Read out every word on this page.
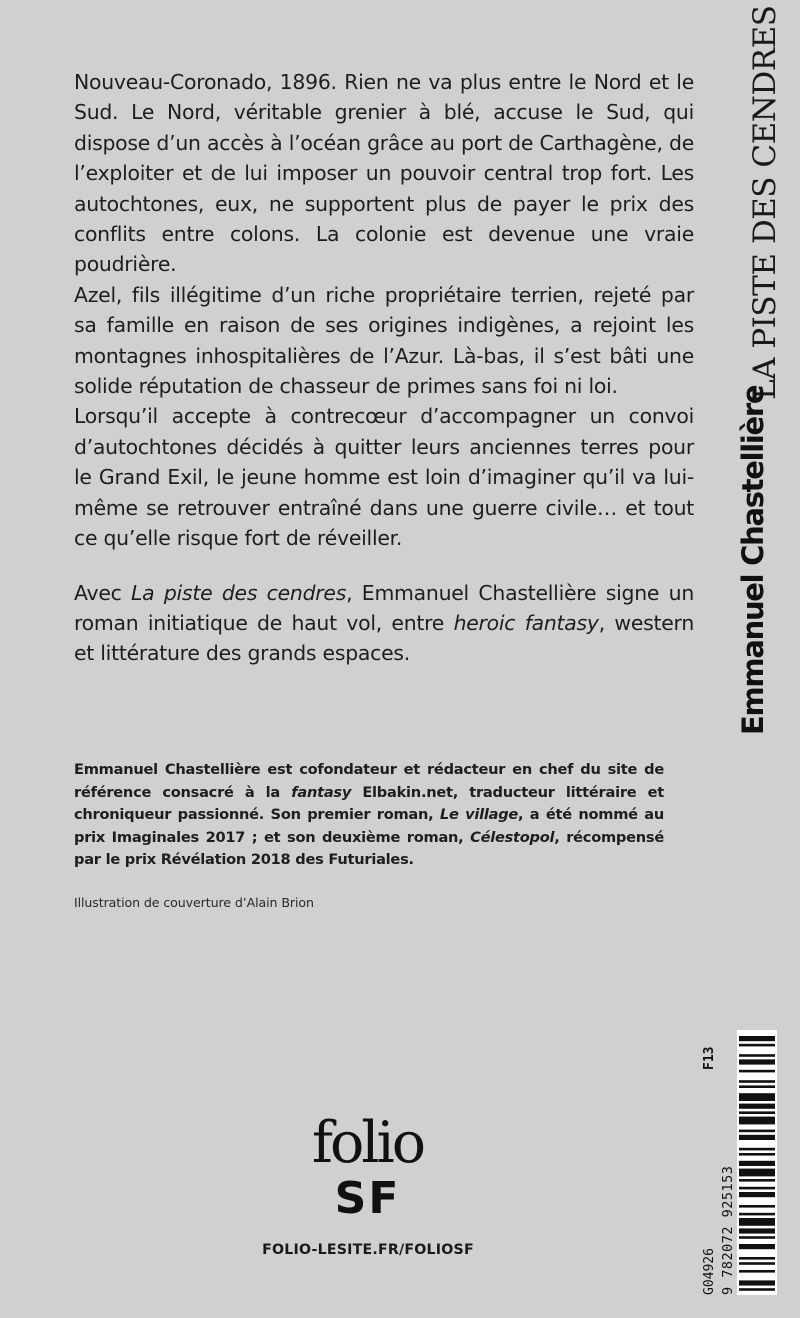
Nouveau-Coronado, 1896. Rien ne va plus entre le Nord et le Sud. Le Nord, véritable grenier à blé, accuse le Sud, qui dispose d’un accès à l’océan grâce au port de Carthagène, de l’exploiter et de lui imposer un pouvoir central trop fort. Les autochtones, eux, ne supportent plus de payer le prix des conflits entre colons. La colonie est devenue une vraie poudrière.

Azel, fils illégitime d’un riche propriétaire terrien, rejeté par sa famille en raison de ses origines indigènes, a rejoint les montagnes inhospitalières de l’Azur. Là-bas, il s’est bâti une solide réputation de chasseur de primes sans foi ni loi.

Lorsqu’il accepte à contrecœur d’accompagner un convoi d’autochtones décidés à quitter leurs anciennes terres pour le Grand Exil, le jeune homme est loin d’imaginer qu’il va lui-même se retrouver entraîné dans une guerre civile… et tout ce qu’elle risque fort de réveiller.

Avec La piste des cendres, Emmanuel Chastellière signe un roman initiatique de haut vol, entre heroic fantasy, western et littérature des grands espaces.

Emmanuel Chastellière est cofondateur et rédacteur en chef du site de référence consacré à la fantasy Elbakin.net, traducteur littéraire et chroniqueur passionné. Son premier roman, Le village, a été nommé au prix Imaginales 2017 ; et son deuxième roman, Célestopol, récompensé par le prix Révélation 2018 des Futuriales.
Illustration de couverture d’Alain Brion
LA PISTE DES CENDRES
Emmanuel Chastellière
folio
SF
FOLIO-LESITE.FR/FOLIOSF
F13
G04926 9 782072 925153
